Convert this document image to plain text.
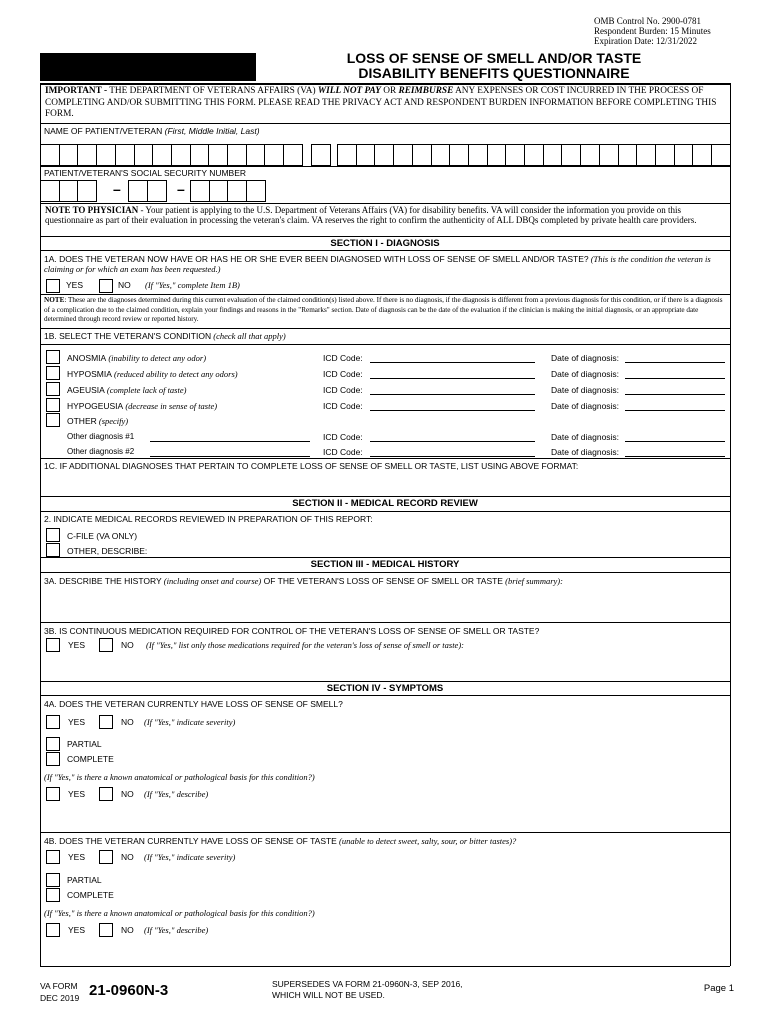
OMB Control No. 2900-0781
Respondent Burden: 15 Minutes
Expiration Date: 12/31/2022
LOSS OF SENSE OF SMELL AND/OR TASTE
DISABILITY BENEFITS QUESTIONNAIRE
IMPORTANT - THE DEPARTMENT OF VETERANS AFFAIRS (VA) WILL NOT PAY OR REIMBURSE ANY EXPENSES OR COST INCURRED IN THE PROCESS OF COMPLETING AND/OR SUBMITTING THIS FORM. PLEASE READ THE PRIVACY ACT AND RESPONDENT BURDEN INFORMATION BEFORE COMPLETING THIS FORM.
NAME OF PATIENT/VETERAN (First, Middle Initial, Last)
PATIENT/VETERAN'S SOCIAL SECURITY NUMBER
–	–
NOTE TO PHYSICIAN - Your patient is applying to the U.S. Department of Veterans Affairs (VA) for disability benefits. VA will consider the information you provide on this questionnaire as part of their evaluation in processing the veteran's claim. VA reserves the right to confirm the authenticity of ALL DBQs completed by private health care providers.
SECTION I - DIAGNOSIS
1A. DOES THE VETERAN NOW HAVE OR HAS HE OR SHE EVER BEEN DIAGNOSED WITH LOSS OF SENSE OF SMELL AND/OR TASTE? (This is the condition the veteran is claiming or for which an exam has been requested.)
YES	NO (If "Yes," complete Item 1B)
NOTE: These are the diagnoses determined during this current evaluation of the claimed condition(s) listed above. If there is no diagnosis, if the diagnosis is different from a previous diagnosis for this condition, or if there is a diagnosis of a complication due to the claimed condition, explain your findings and reasons in the "Remarks" section. Date of diagnosis can be the date of the evaluation if the clinician is making the initial diagnosis, or an appropriate date determined through record review or reported history.
1B. SELECT THE VETERAN'S CONDITION (check all that apply)
ANOSMIA (inability to detect any odor)	ICD Code:	Date of diagnosis:
HYPOSMIA (reduced ability to detect any odors)	ICD Code:	Date of diagnosis:
AGEUSIA (complete lack of taste)	ICD Code:	Date of diagnosis:
HYPOGEUSIA (decrease in sense of taste)	ICD Code:	Date of diagnosis:
OTHER (specify)
Other diagnosis #1	ICD Code:	Date of diagnosis:
Other diagnosis #2	ICD Code:	Date of diagnosis:
1C. IF ADDITIONAL DIAGNOSES THAT PERTAIN TO COMPLETE LOSS OF SENSE OF SMELL OR TASTE, LIST USING ABOVE FORMAT:
SECTION II - MEDICAL RECORD REVIEW
2. INDICATE MEDICAL RECORDS REVIEWED IN PREPARATION OF THIS REPORT:
C-FILE (VA ONLY)
OTHER, DESCRIBE:
SECTION III - MEDICAL HISTORY
3A. DESCRIBE THE HISTORY (including onset and course) OF THE VETERAN'S LOSS OF SENSE OF SMELL OR TASTE (brief summary):
3B. IS CONTINUOUS MEDICATION REQUIRED FOR CONTROL OF THE VETERAN'S LOSS OF SENSE OF SMELL OR TASTE?
YES	NO (If "Yes," list only those medications required for the veteran's loss of sense of smell or taste):
SECTION IV - SYMPTOMS
4A. DOES THE VETERAN CURRENTLY HAVE LOSS OF SENSE OF SMELL?
YES	NO (If "Yes," indicate severity)
PARTIAL
COMPLETE
(If "Yes," is there a known anatomical or pathological basis for this condition?)
YES	NO (If "Yes," describe)
4B. DOES THE VETERAN CURRENTLY HAVE LOSS OF SENSE OF TASTE (unable to detect sweet, salty, sour, or bitter tastes)?
YES	NO (If "Yes," indicate severity)
PARTIAL
COMPLETE
(If "Yes," is there a known anatomical or pathological basis for this condition?)
YES	NO (If "Yes," describe)
VA FORM
DEC 2019 21-0960N-3	SUPERSEDES VA FORM 21-0960N-3, SEP 2016,
WHICH WILL NOT BE USED.
Page 1
